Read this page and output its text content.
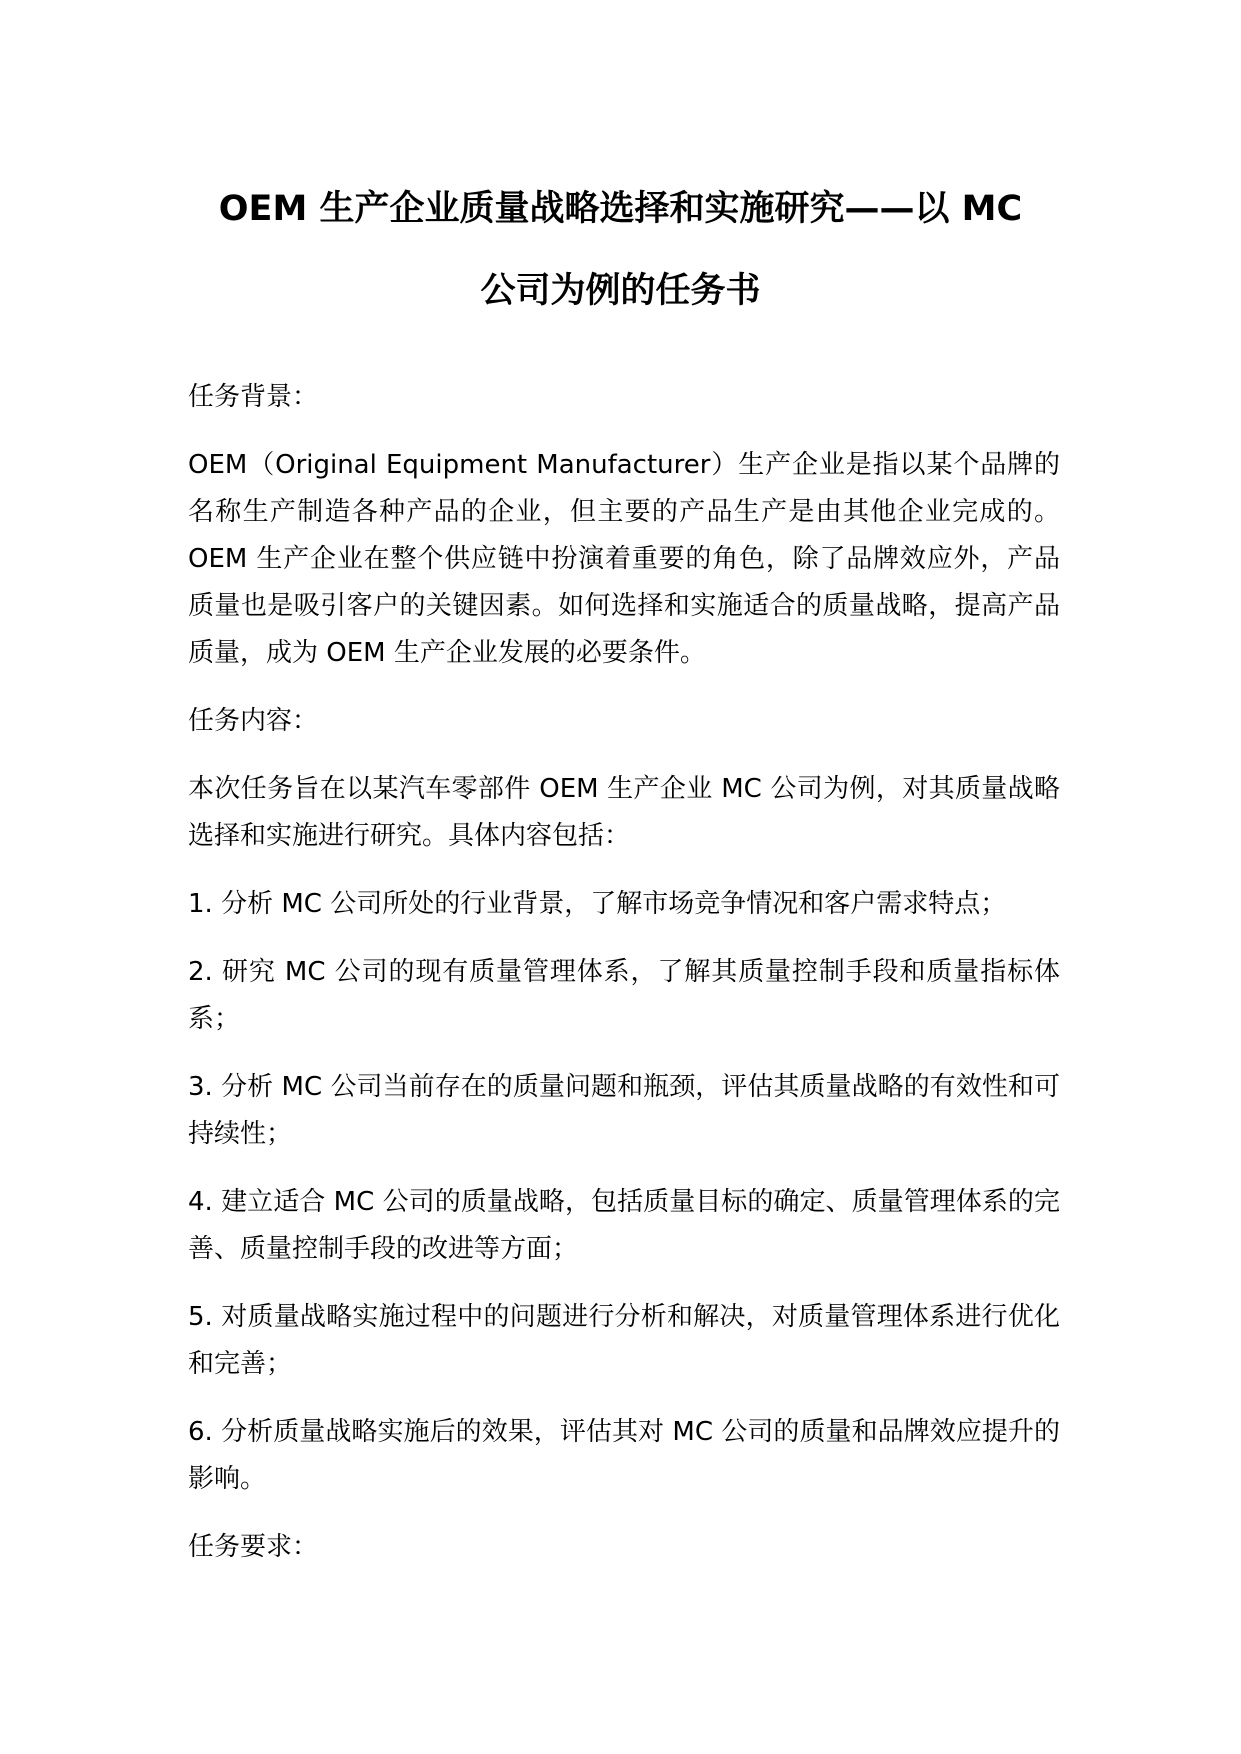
OEM 生产企业质量战略选择和实施研究——以 MC
公司为例的任务书
任务背景：
OEM（Original Equipment Manufacturer）生产企业是指以某个品牌的名称生产制造各种产品的企业，但主要的产品生产是由其他企业完成的。OEM 生产企业在整个供应链中扮演着重要的角色，除了品牌效应外，产品质量也是吸引客户的关键因素。如何选择和实施适合的质量战略，提高产品质量，成为 OEM 生产企业发展的必要条件。
任务内容：
本次任务旨在以某汽车零部件 OEM 生产企业 MC 公司为例，对其质量战略选择和实施进行研究。具体内容包括：
1. 分析 MC 公司所处的行业背景，了解市场竞争情况和客户需求特点；
2. 研究 MC 公司的现有质量管理体系，了解其质量控制手段和质量指标体系；
3. 分析 MC 公司当前存在的质量问题和瓶颈，评估其质量战略的有效性和可持续性；
4. 建立适合 MC 公司的质量战略，包括质量目标的确定、质量管理体系的完善、质量控制手段的改进等方面；
5. 对质量战略实施过程中的问题进行分析和解决，对质量管理体系进行优化和完善；
6. 分析质量战略实施后的效果，评估其对 MC 公司的质量和品牌效应提升的影响。
任务要求：
